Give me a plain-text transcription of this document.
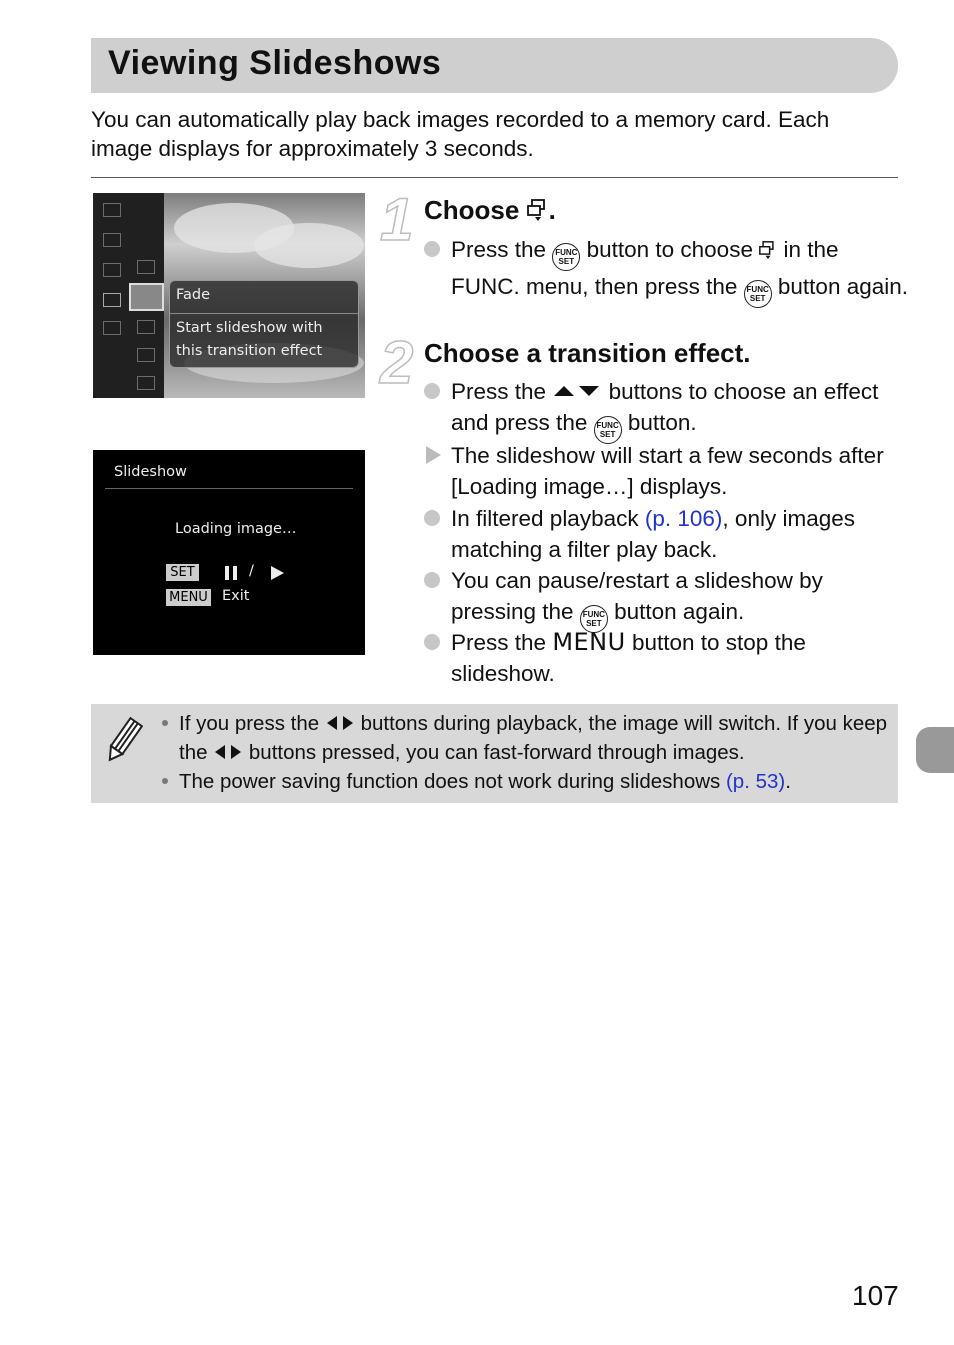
Viewing Slideshows
You can automatically play back images recorded to a memory card. Each image displays for approximately 3 seconds.
Fade
Start slideshow with
this transition effect
Slideshow
Loading image…
SET	/
MENU Exit
1 Choose .
Press the FUNC
SET button to choose in the FUNC. menu, then press the FUNC
SET button again.
2 Choose a transition effect.
Press the	buttons to choose an effect and press the FUNC
SET button.
The slideshow will start a few seconds after [Loading image…] displays.
In filtered playback (p. 106), only images matching a filter play back.
You can pause/restart a slideshow by pressing the FUNC
SET button again.
Press the MENU button to stop the slideshow.
If you press the buttons during playback, the image will switch. If you keep the buttons pressed, you can fast-forward through images.
The power saving function does not work during slideshows (p. 53).
107
